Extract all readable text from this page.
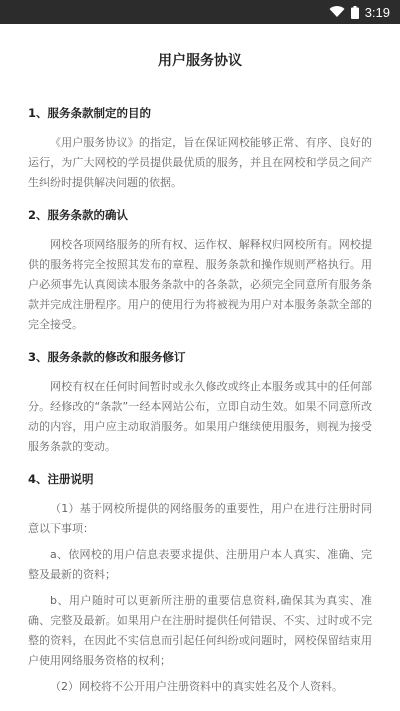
3:19
用户服务协议
1、服务条款制定的目的

《用户服务协议》的指定，旨在保证网校能够正常、有序、良好的运行，为广大网校的学员提供最优质的服务，并且在网校和学员之间产生纠纷时提供解决问题的依据。

2、服务条款的确认

网校各项网络服务的所有权、运作权、解释权归网校所有。网校提供的服务将完全按照其发布的章程、服务条款和操作规则严格执行。用户必须事先认真阅读本服务条款中的各条款，必须完全同意所有服务条款并完成注册程序。用户的使用行为将被视为用户对本服务条款全部的完全接受。

3、服务条款的修改和服务修订

网校有权在任何时间暂时或永久修改或终止本服务或其中的任何部分。经修改的“条款”一经本网站公布，立即自动生效。如果不同意所改动的内容，用户应主动取消服务。如果用户继续使用服务，则视为接受服务条款的变动。

4、注册说明

（1）基于网校所提供的网络服务的重要性，用户在进行注册时同意以下事项：

a、依网校的用户信息表要求提供、注册用户本人真实、准确、完整及最新的资料；

b、用户随时可以更新所注册的重要信息资料,确保其为真实、准确、完整及最新。如果用户在注册时提供任何错误、不实、过时或不完整的资料，在因此不实信息而引起任何纠纷或问题时，网校保留结束用户使用网络服务资格的权利；

（2）网校将不公开用户注册资料中的真实姓名及个人资料。
